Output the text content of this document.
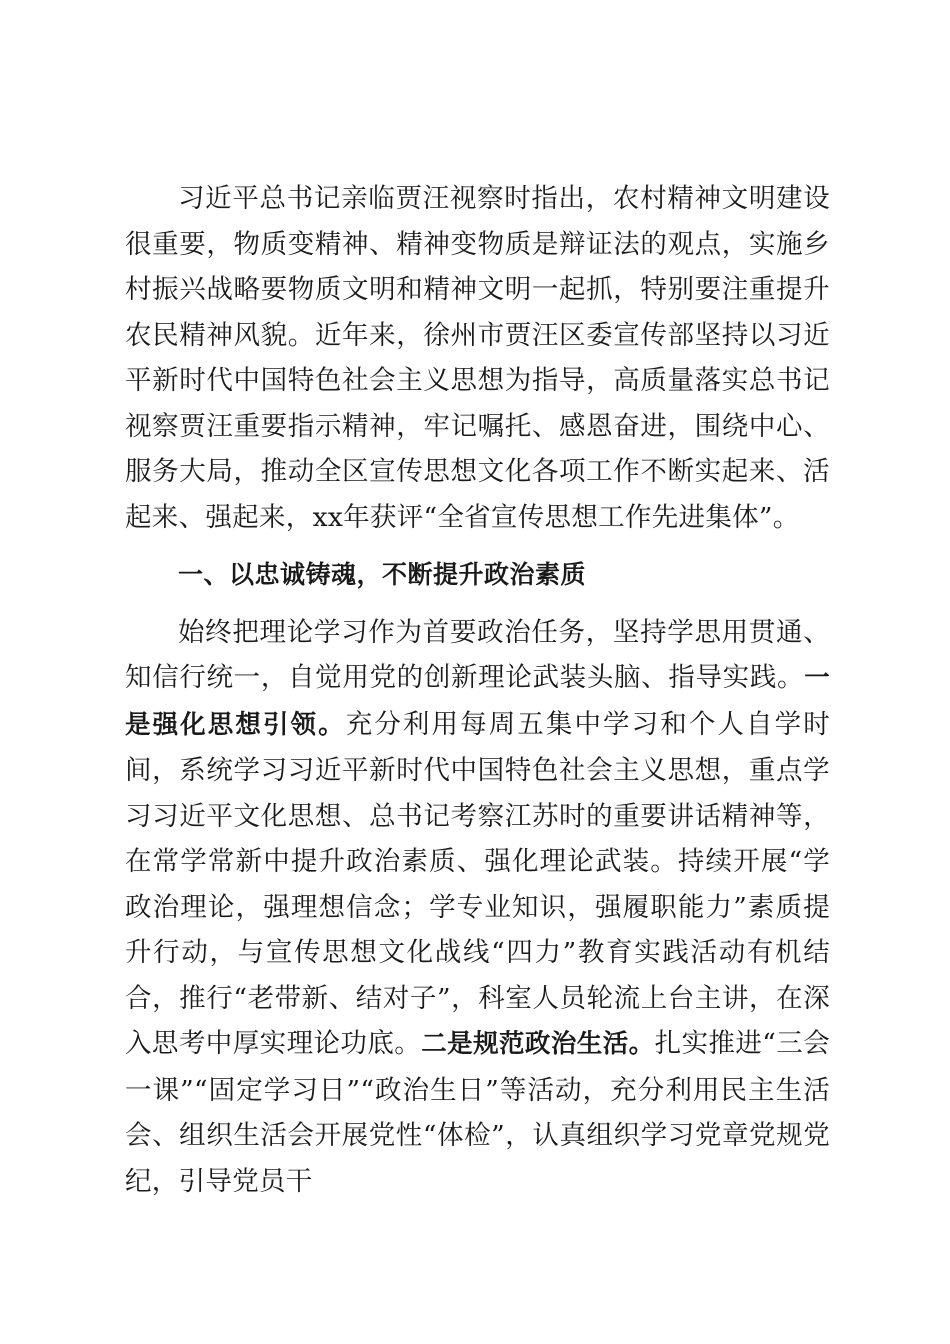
习近平总书记亲临贾汪视察时指出，农村精神文明建设很重要，物质变精神、精神变物质是辩证法的观点，实施乡村振兴战略要物质文明和精神文明一起抓，特别要注重提升农民精神风貌。近年来，徐州市贾汪区委宣传部坚持以习近平新时代中国特色社会主义思想为指导，高质量落实总书记视察贾汪重要指示精神，牢记嘱托、感恩奋进，围绕中心、服务大局，推动全区宣传思想文化各项工作不断实起来、活起来、强起来，xx年获评“全省宣传思想工作先进集体”。

一、以忠诚铸魂，不断提升政治素质

始终把理论学习作为首要政治任务，坚持学思用贯通、知信行统一，自觉用党的创新理论武装头脑、指导实践。一是强化思想引领。充分利用每周五集中学习和个人自学时间，系统学习习近平新时代中国特色社会主义思想，重点学习习近平文化思想、总书记考察江苏时的重要讲话精神等，在常学常新中提升政治素质、强化理论武装。持续开展“学政治理论，强理想信念；学专业知识，强履职能力”素质提升行动，与宣传思想文化战线“四力”教育实践活动有机结合，推行“老带新、结对子”，科室人员轮流上台主讲，在深入思考中厚实理论功底。二是规范政治生活。扎实推进“三会一课”“固定学习日”“政治生日”等活动，充分利用民主生活会、组织生活会开展党性“体检”，认真组织学习党章党规党纪，引导党员干
